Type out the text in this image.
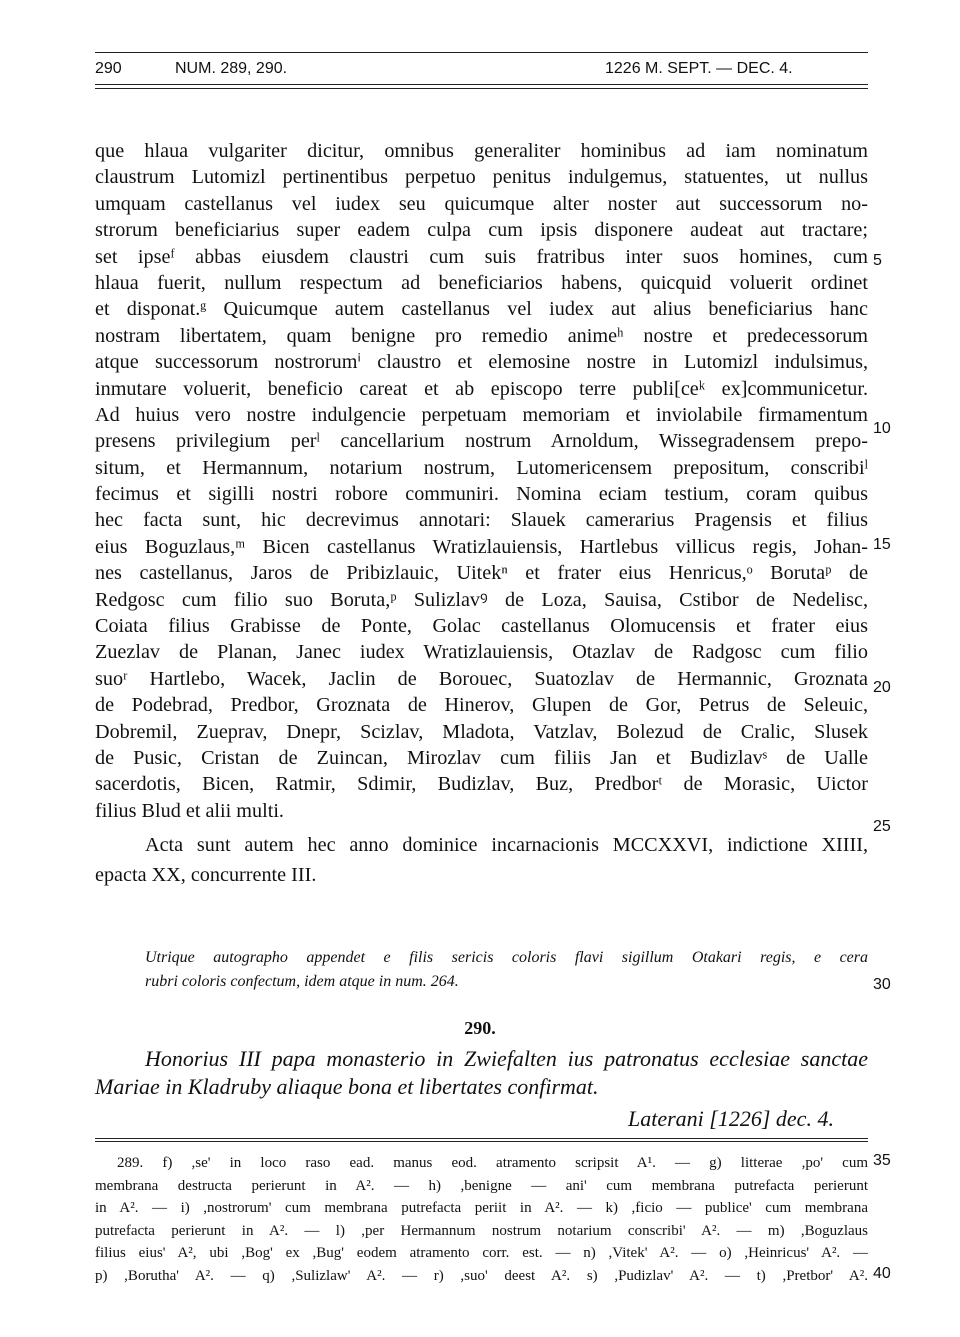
290	NUM. 289, 290.	1226 M. SEPT. — DEC. 4.
que hlaua vulgariter dicitur, omnibus generaliter hominibus ad iam nominatum
claustrum Lutomizl pertinentibus perpetuo penitus indulgemus, statuentes, ut nullus
umquam castellanus vel iudex seu quicumque alter noster aut successorum no-
strorum beneficiarius super eadem culpa cum ipsis disponere audeat aut tractare;
set ipseᶠ abbas eiusdem claustri cum suis fratribus inter suos homines, cum
hlaua fuerit, nullum respectum ad beneficiarios habens, quicquid voluerit ordinet
et disponat.ᵍ Quicumque autem castellanus vel iudex aut alius beneficiarius hanc
nostram libertatem, quam benigne pro remedio animeʰ nostre et predecessorum
atque successorum nostrorumⁱ claustro et elemosine nostre in Lutomizl indulsimus,
inmutare voluerit, beneficio careat et ab episcopo terre publi[ceᵏ ex]communicetur.
Ad huius vero nostre indulgencie perpetuam memoriam et inviolabile firmamentum
presens privilegium perˡ cancellarium nostrum Arnoldum, Wissegradensem prepo-
situm, et Hermannum, notarium nostrum, Lutomericensem prepositum, conscribiˡ
fecimus et sigilli nostri robore communiri. Nomina eciam testium, coram quibus
hec facta sunt, hic decrevimus annotari: Slauek camerarius Pragensis et filius
eius Boguzlaus,ᵐ Bicen castellanus Wratizlauiensis, Hartlebus villicus regis, Johan-
nes castellanus, Jaros de Pribizlauic, Uitekⁿ et frater eius Henricus,ᵒ Borutaᵖ de
Redgosc cum filio suo Boruta,ᵖ Sulizlavꝰ de Loza, Sauisa, Cstibor de Nedelisc,
Coiata filius Grabisse de Ponte, Golac castellanus Olomucensis et frater eius
Zuezlav de Planan, Janec iudex Wratizlauiensis, Otazlav de Radgosc cum filio
suoʳ Hartlebo, Wacek, Jaclin de Borouec, Suatozlav de Hermannic, Groznata
de Podebrad, Predbor, Groznata de Hinerov, Glupen de Gor, Petrus de Seleuic,
Dobremil, Zueprav, Dnepr, Scizlav, Mladota, Vatzlav, Bolezud de Cralic, Slusek
de Pusic, Cristan de Zuincan, Mirozlav cum filiis Jan et Budizlavˢ de Ualle
sacerdotis, Bicen, Ratmir, Sdimir, Budizlav, Buz, Predborᵗ de Morasic, Uictor
filius Blud et alii multi.
Acta sunt autem hec anno dominice incarnacionis MCCXXVI, indictione XIIII,
epacta XX, concurrente III.
5
10
15
20
25
30
35
40
Utrique autographo appendet e filis sericis coloris flavi sigillum Otakari regis, e cera
rubri coloris confectum, idem atque in num. 264.
290.
Honorius III papa monasterio in Zwiefalten ius patronatus ecclesiae sanctae
Mariae in Kladruby aliaque bona et libertates confirmat.
Laterani [1226] dec. 4.
289. f) ,se' in loco raso ead. manus eod. atramento scripsit A¹. — g) litterae ,po' cum
membrana destructa perierunt in A². — h) ,benigne — ani' cum membrana putrefacta perierunt
in A². — i) ,nostrorum' cum membrana putrefacta periit in A². — k) ,ficio — publice' cum membrana
putrefacta perierunt in A². — l) ,per Hermannum nostrum notarium conscribi' A². — m) ,Boguzlaus
filius eius' A², ubi ,Bog' ex ,Bug' eodem atramento corr. est. — n) ,Vitek' A². — o) ,Heinricus' A². —
p) ,Borutha' A². — q) ,Sulizlaw' A². — r) ,suo' deest A². s) ,Pudizlav' A². — t) ,Pretbor' A².
